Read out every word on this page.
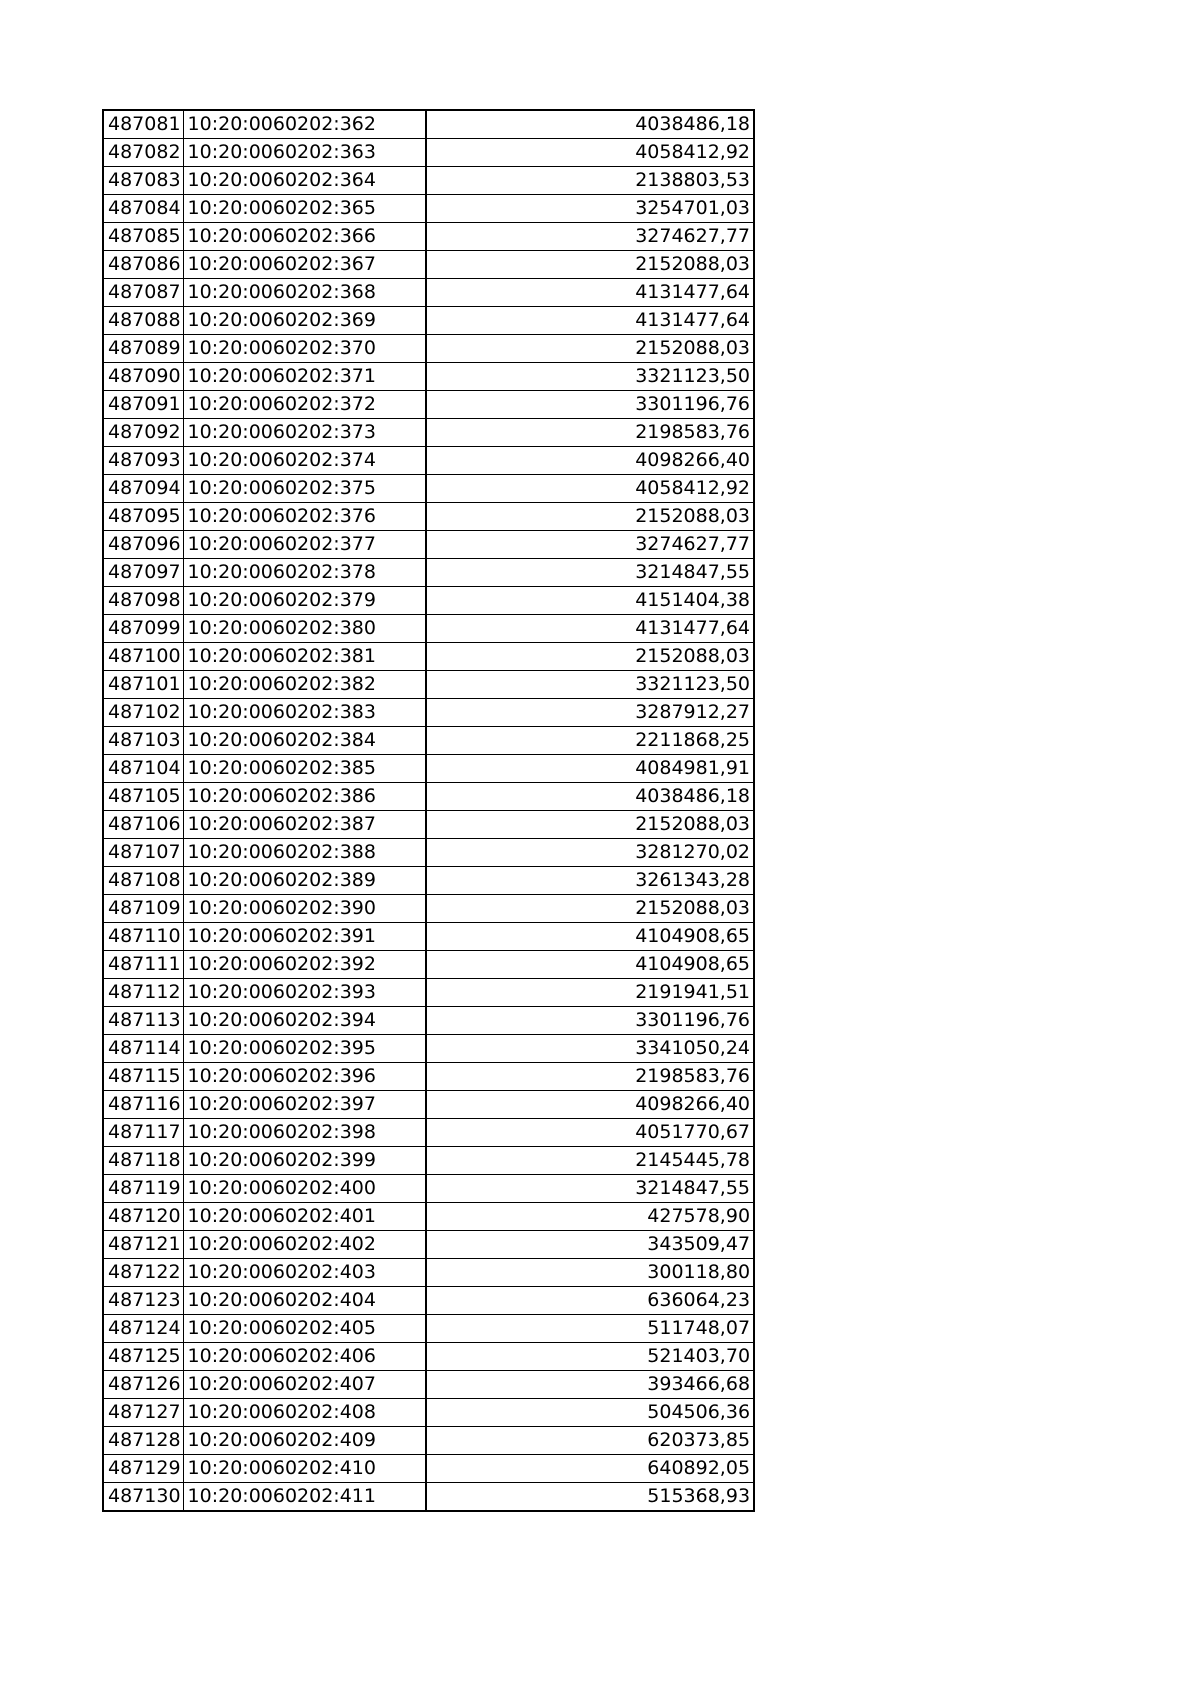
487081	10:20:0060202:362	4038486,18
487082	10:20:0060202:363	4058412,92
487083	10:20:0060202:364	2138803,53
487084	10:20:0060202:365	3254701,03
487085	10:20:0060202:366	3274627,77
487086	10:20:0060202:367	2152088,03
487087	10:20:0060202:368	4131477,64
487088	10:20:0060202:369	4131477,64
487089	10:20:0060202:370	2152088,03
487090	10:20:0060202:371	3321123,50
487091	10:20:0060202:372	3301196,76
487092	10:20:0060202:373	2198583,76
487093	10:20:0060202:374	4098266,40
487094	10:20:0060202:375	4058412,92
487095	10:20:0060202:376	2152088,03
487096	10:20:0060202:377	3274627,77
487097	10:20:0060202:378	3214847,55
487098	10:20:0060202:379	4151404,38
487099	10:20:0060202:380	4131477,64
487100	10:20:0060202:381	2152088,03
487101	10:20:0060202:382	3321123,50
487102	10:20:0060202:383	3287912,27
487103	10:20:0060202:384	2211868,25
487104	10:20:0060202:385	4084981,91
487105	10:20:0060202:386	4038486,18
487106	10:20:0060202:387	2152088,03
487107	10:20:0060202:388	3281270,02
487108	10:20:0060202:389	3261343,28
487109	10:20:0060202:390	2152088,03
487110	10:20:0060202:391	4104908,65
487111	10:20:0060202:392	4104908,65
487112	10:20:0060202:393	2191941,51
487113	10:20:0060202:394	3301196,76
487114	10:20:0060202:395	3341050,24
487115	10:20:0060202:396	2198583,76
487116	10:20:0060202:397	4098266,40
487117	10:20:0060202:398	4051770,67
487118	10:20:0060202:399	2145445,78
487119	10:20:0060202:400	3214847,55
487120	10:20:0060202:401	427578,90
487121	10:20:0060202:402	343509,47
487122	10:20:0060202:403	300118,80
487123	10:20:0060202:404	636064,23
487124	10:20:0060202:405	511748,07
487125	10:20:0060202:406	521403,70
487126	10:20:0060202:407	393466,68
487127	10:20:0060202:408	504506,36
487128	10:20:0060202:409	620373,85
487129	10:20:0060202:410	640892,05
487130	10:20:0060202:411	515368,93
